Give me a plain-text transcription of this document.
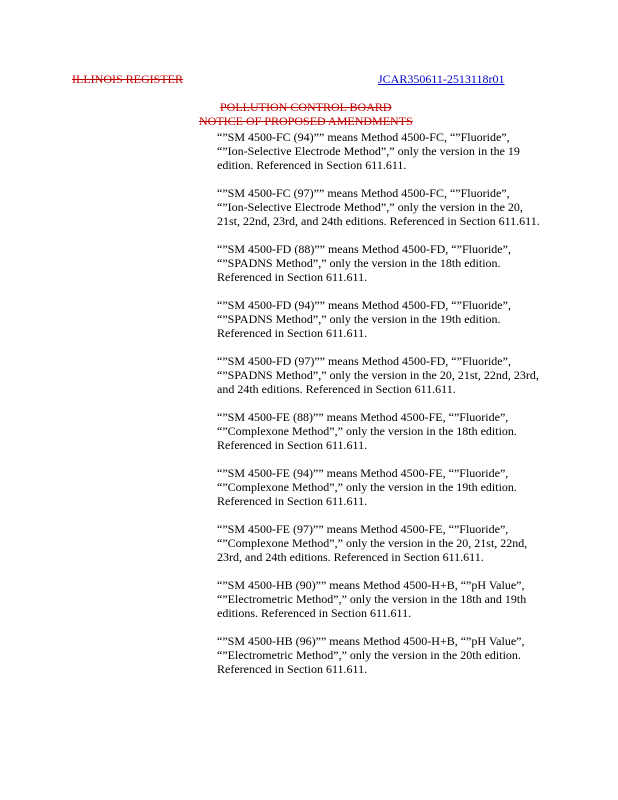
ILLINOIS REGISTER	JCAR350611-2513118r01
POLLUTION CONTROL BOARD
NOTICE OF PROPOSED AMENDMENTS
“”SM 4500-FC (94)”” means Method 4500-FC, “”Fluoride”,
“”Ion-Selective Electrode Method”,” only the version in the 19
edition. Referenced in Section 611.611.
“”SM 4500-FC (97)”” means Method 4500-FC, “”Fluoride”,
“”Ion-Selective Electrode Method”,” only the version in the 20,
21st, 22nd, 23rd, and 24th editions. Referenced in Section 611.611.
“”SM 4500-FD (88)”” means Method 4500-FD, “”Fluoride”,
“”SPADNS Method”,” only the version in the 18th edition.
Referenced in Section 611.611.
“”SM 4500-FD (94)”” means Method 4500-FD, “”Fluoride”,
“”SPADNS Method”,” only the version in the 19th edition.
Referenced in Section 611.611.
“”SM 4500-FD (97)”” means Method 4500-FD, “”Fluoride”,
“”SPADNS Method”,” only the version in the 20, 21st, 22nd, 23rd,
and 24th editions. Referenced in Section 611.611.
“”SM 4500-FE (88)”” means Method 4500-FE, “”Fluoride”,
“”Complexone Method”,” only the version in the 18th edition.
Referenced in Section 611.611.
“”SM 4500-FE (94)”” means Method 4500-FE, “”Fluoride”,
“”Complexone Method”,” only the version in the 19th edition.
Referenced in Section 611.611.
“”SM 4500-FE (97)”” means Method 4500-FE, “”Fluoride”,
“”Complexone Method”,” only the version in the 20, 21st, 22nd,
23rd, and 24th editions. Referenced in Section 611.611.
“”SM 4500-HB (90)”” means Method 4500-H+B, “”pH Value”,
“”Electrometric Method”,” only the version in the 18th and 19th
editions. Referenced in Section 611.611.
“”SM 4500-HB (96)”” means Method 4500-H+B, “”pH Value”,
“”Electrometric Method”,” only the version in the 20th edition.
Referenced in Section 611.611.
